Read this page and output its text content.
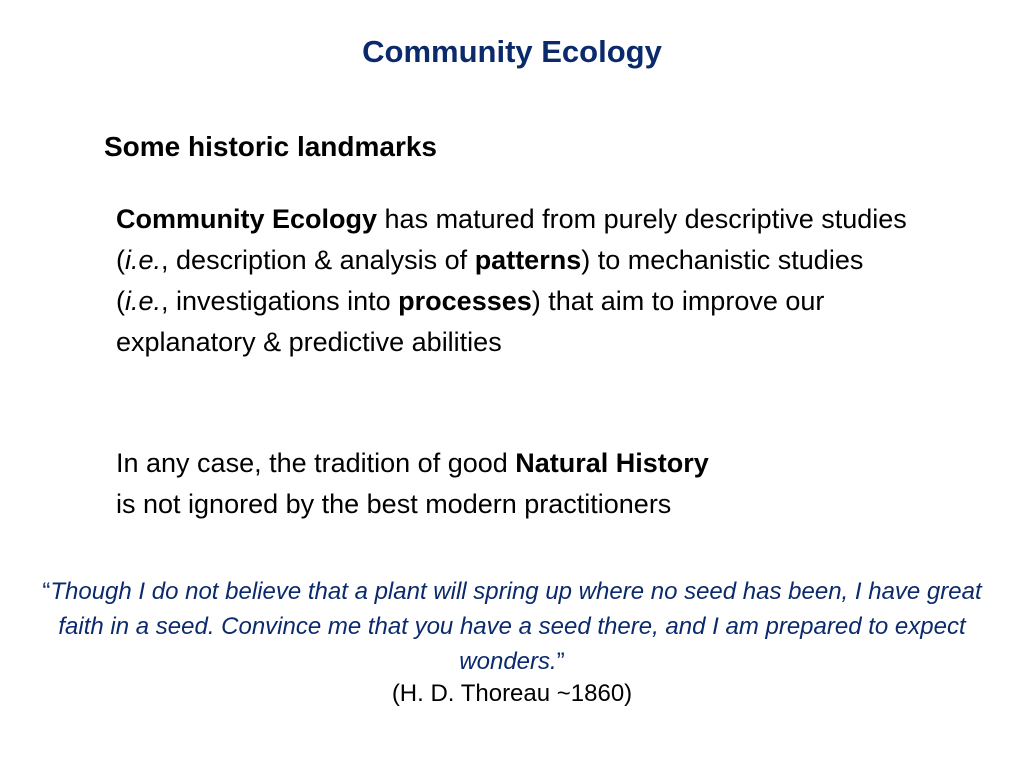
Community Ecology
Some historic landmarks

Community Ecology has matured from purely descriptive studies (i.e., description & analysis of patterns) to mechanistic studies (i.e., investigations into processes) that aim to improve our explanatory & predictive abilities

In any case, the tradition of good Natural History
is not ignored by the best modern practitioners

“Though I do not believe that a plant will spring up where no seed has been, I have great faith in a seed. Convince me that you have a seed there, and I am prepared to expect wonders.”

(H. D. Thoreau ~1860)
